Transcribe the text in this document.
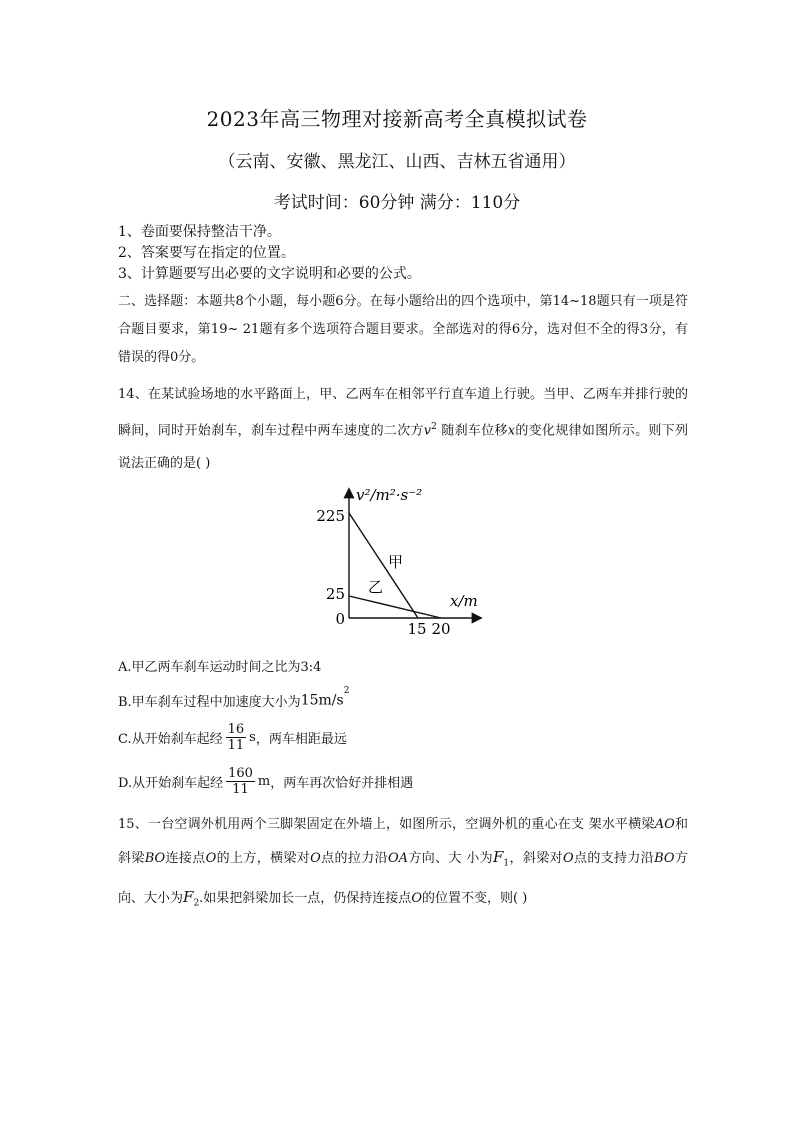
2023年高三物理对接新高考全真模拟试卷
（云南、安徽、黑龙江、山西、吉林五省通用）
考试时间：60分钟 满分：110分
1、卷面要保持整洁干净。
2、答案要写在指定的位置。
3、计算题要写出必要的文字说明和必要的公式。
二、选择题：本题共8个小题，每小题6分。在每小题给出的四个选项中，第14~18题只有一项是符合题目要求，第19~ 21题有多个选项符合题目要求。全部选对的得6分，选对但不全的得3分，有错误的得0分。
14、在某试验场地的水平路面上，甲、乙两车在相邻平行直车道上行驶。当甲、乙两车并排行驶的瞬间，同时开始刹车，刹车过程中两车速度的二次方$v^2$ 随刹车位移x的变化规律如图所示。则下列说法正确的是( )
v²/m²·s⁻²
x/m
225
25
0
15 20
甲
乙
A.甲乙两车刹车运动时间之比为3:4
B.甲车刹车过程中加速度大小为 $15m/s^2$
C.从开始刹车起经 $\frac{16}{11}$ s ，两车相距最远
D.从开始刹车起经 $\frac{160}{11}$ m ，两车再次恰好并排相遇
15、一台空调外机用两个三脚架固定在外墙上，如图所示，空调外机的重心在支 架水平横梁AO和斜梁BO连接点O的上方，横梁对O点的拉力沿OA方向、大 小为$F_1$，斜梁对O点的支持力沿BO方向、大小为$F_2$.如果把斜梁加长一点，仍保持连接点O的位置不变，则( )
